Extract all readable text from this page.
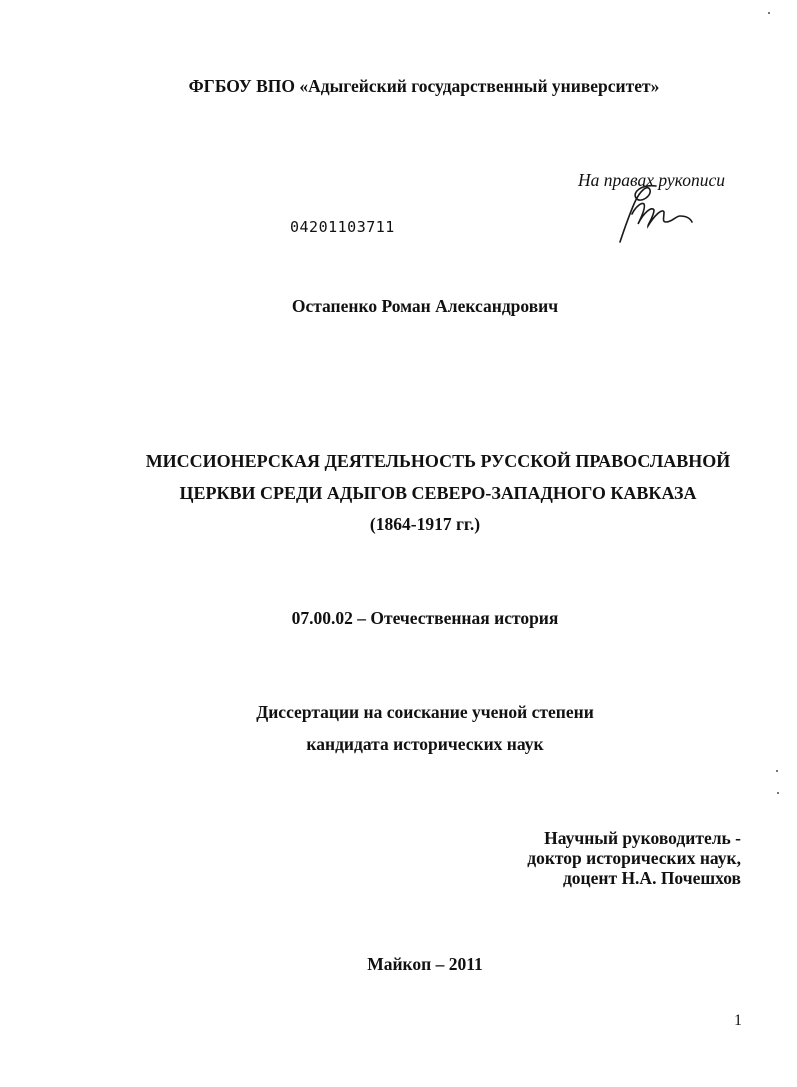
ФГБОУ ВПО «Адыгейский государственный университет»
На правах рукописи
04201103711
Остапенко Роман Александрович
МИССИОНЕРСКАЯ ДЕЯТЕЛЬНОСТЬ РУССКОЙ ПРАВОСЛАВНОЙ
ЦЕРКВИ СРЕДИ АДЫГОВ СЕВЕРО-ЗАПАДНОГО КАВКАЗА
(1864-1917 гг.)
07.00.02 – Отечественная история
Диссертации на соискание ученой степени
кандидата исторических наук
Научный руководитель -
доктор исторических наук,
доцент Н.А. Почешхов
Майкоп – 2011
1
